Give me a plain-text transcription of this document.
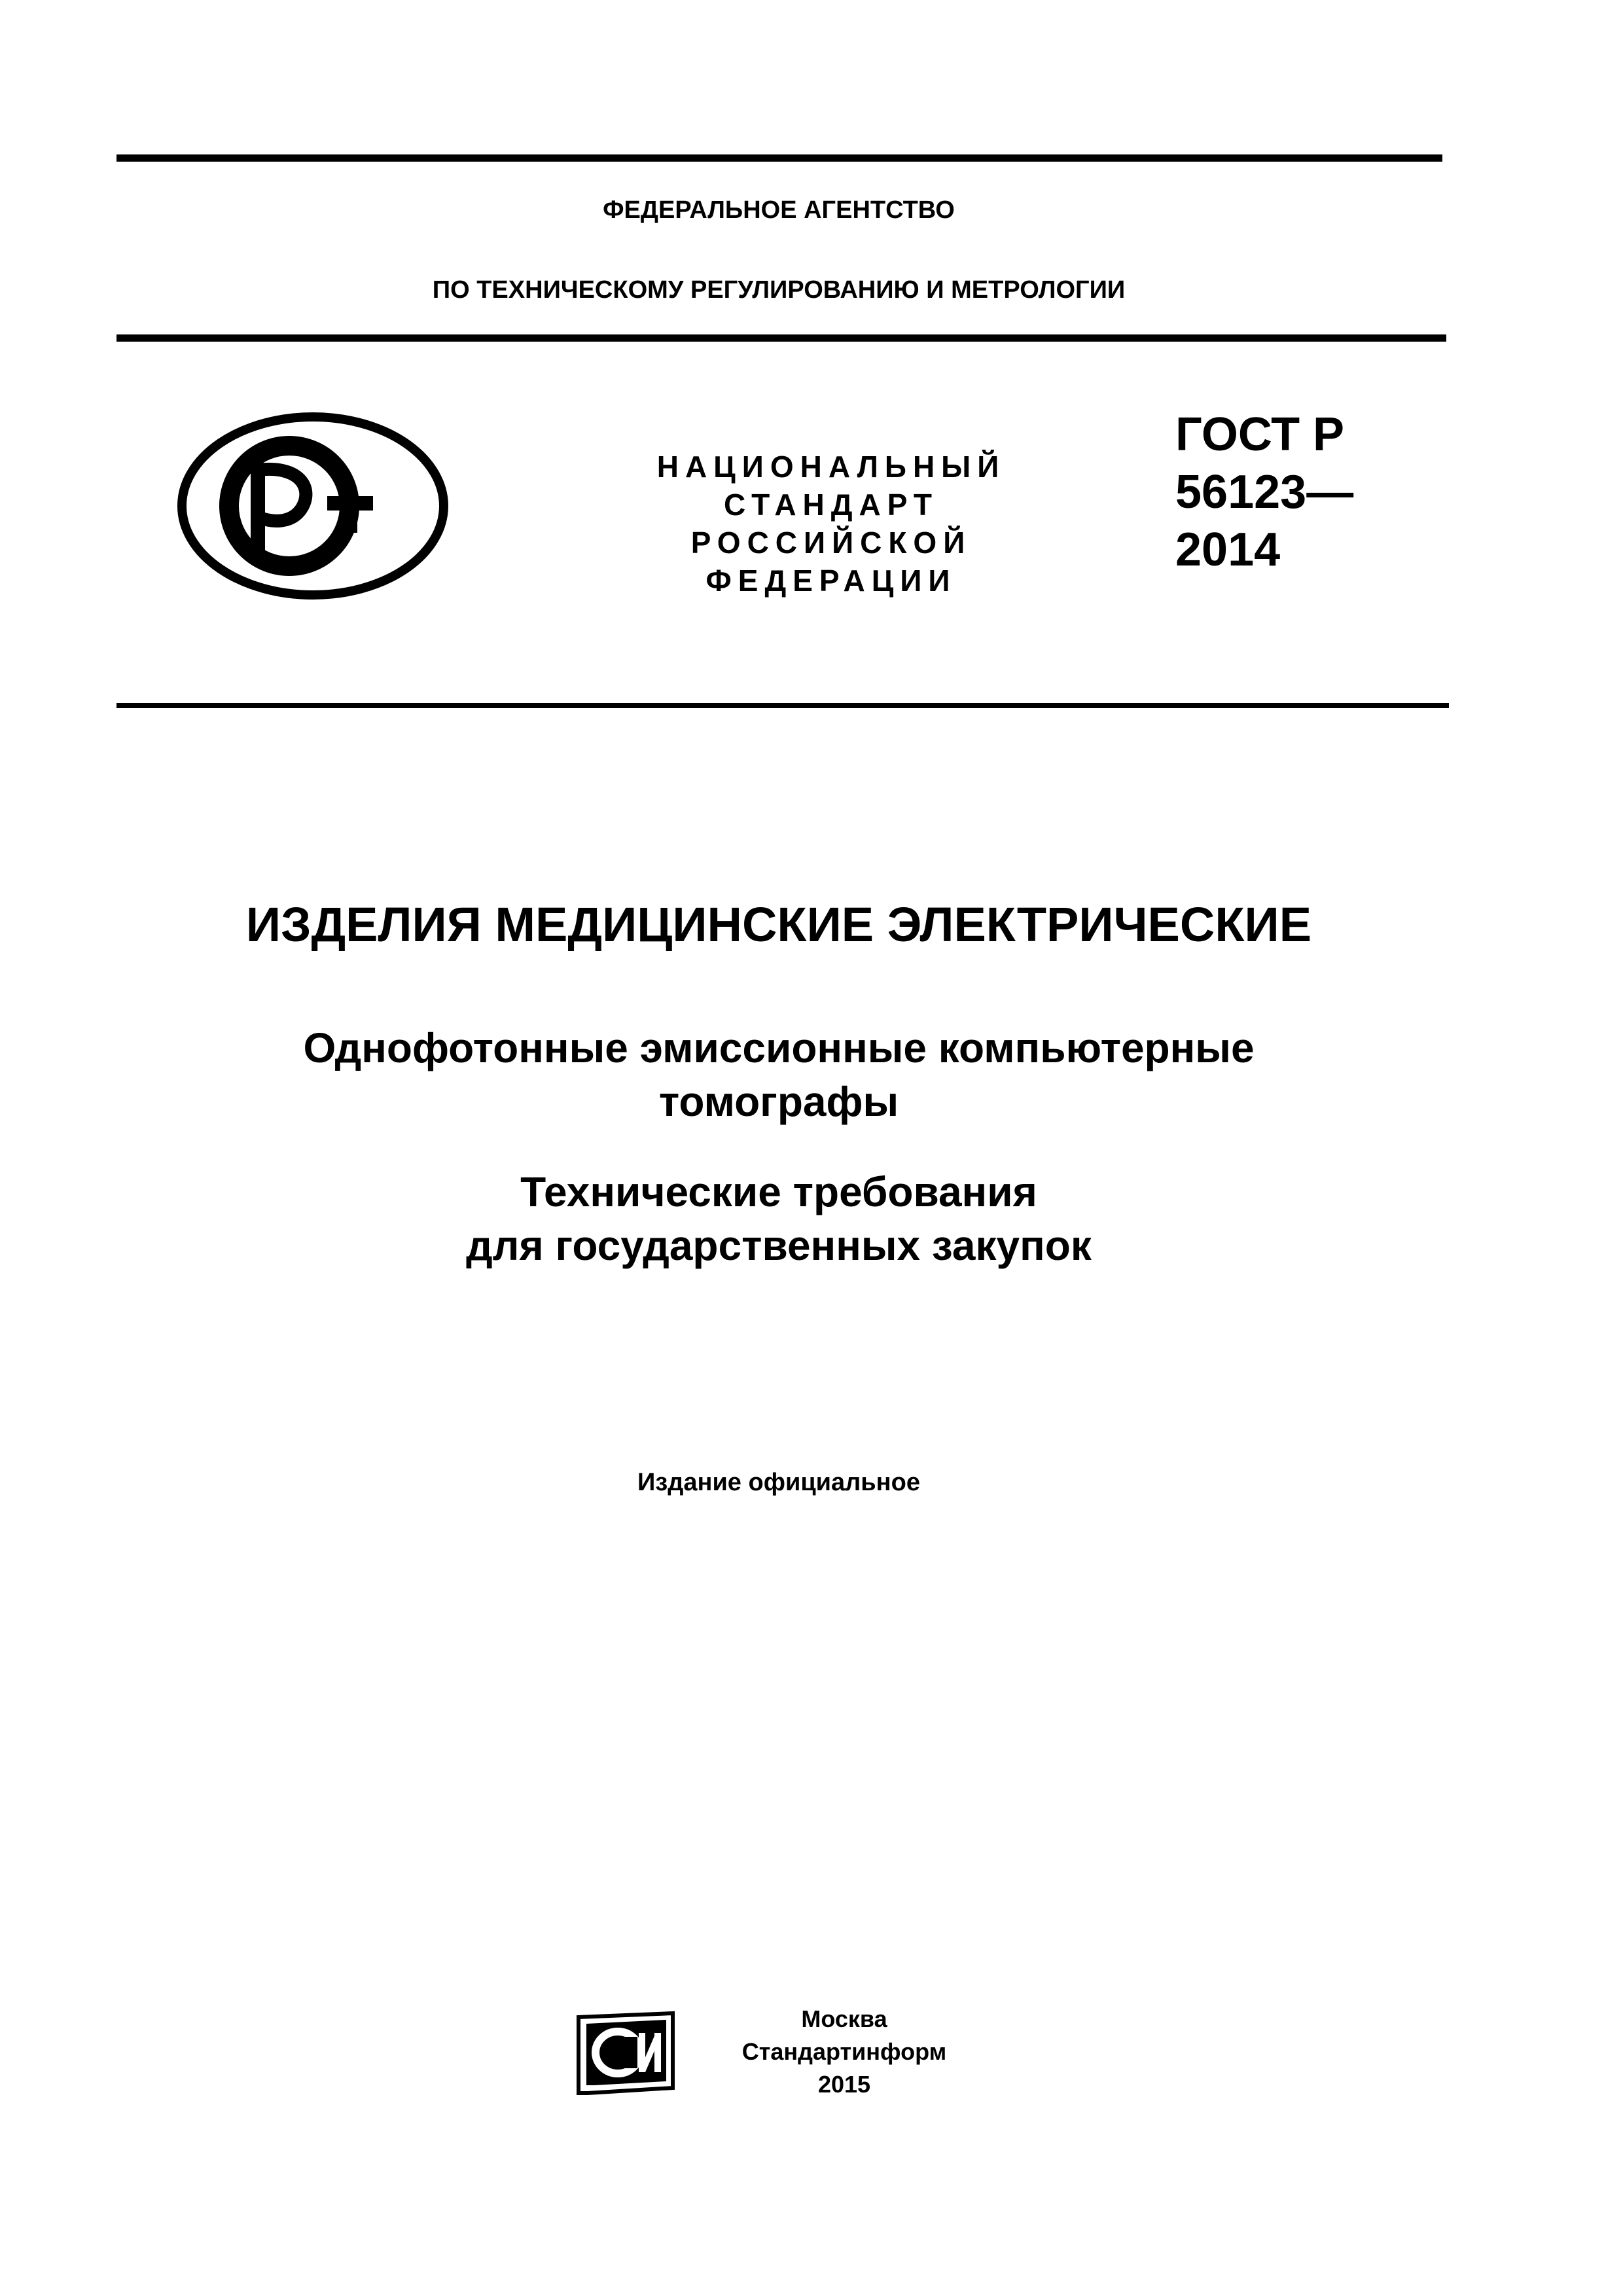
ФЕДЕРАЛЬНОЕ АГЕНТСТВО
ПО ТЕХНИЧЕСКОМУ РЕГУЛИРОВАНИЮ И МЕТРОЛОГИИ
НАЦИОНАЛЬНЫЙ
СТАНДАРТ
РОССИЙСКОЙ
ФЕДЕРАЦИИ
ГОСТ Р
56123—
2014
ИЗДЕЛИЯ МЕДИЦИНСКИЕ ЭЛЕКТРИЧЕСКИЕ
Однофотонные эмиссионные компьютерные
томографы
Технические требования
для государственных закупок
Издание официальное
Москва
Стандартинформ
2015
